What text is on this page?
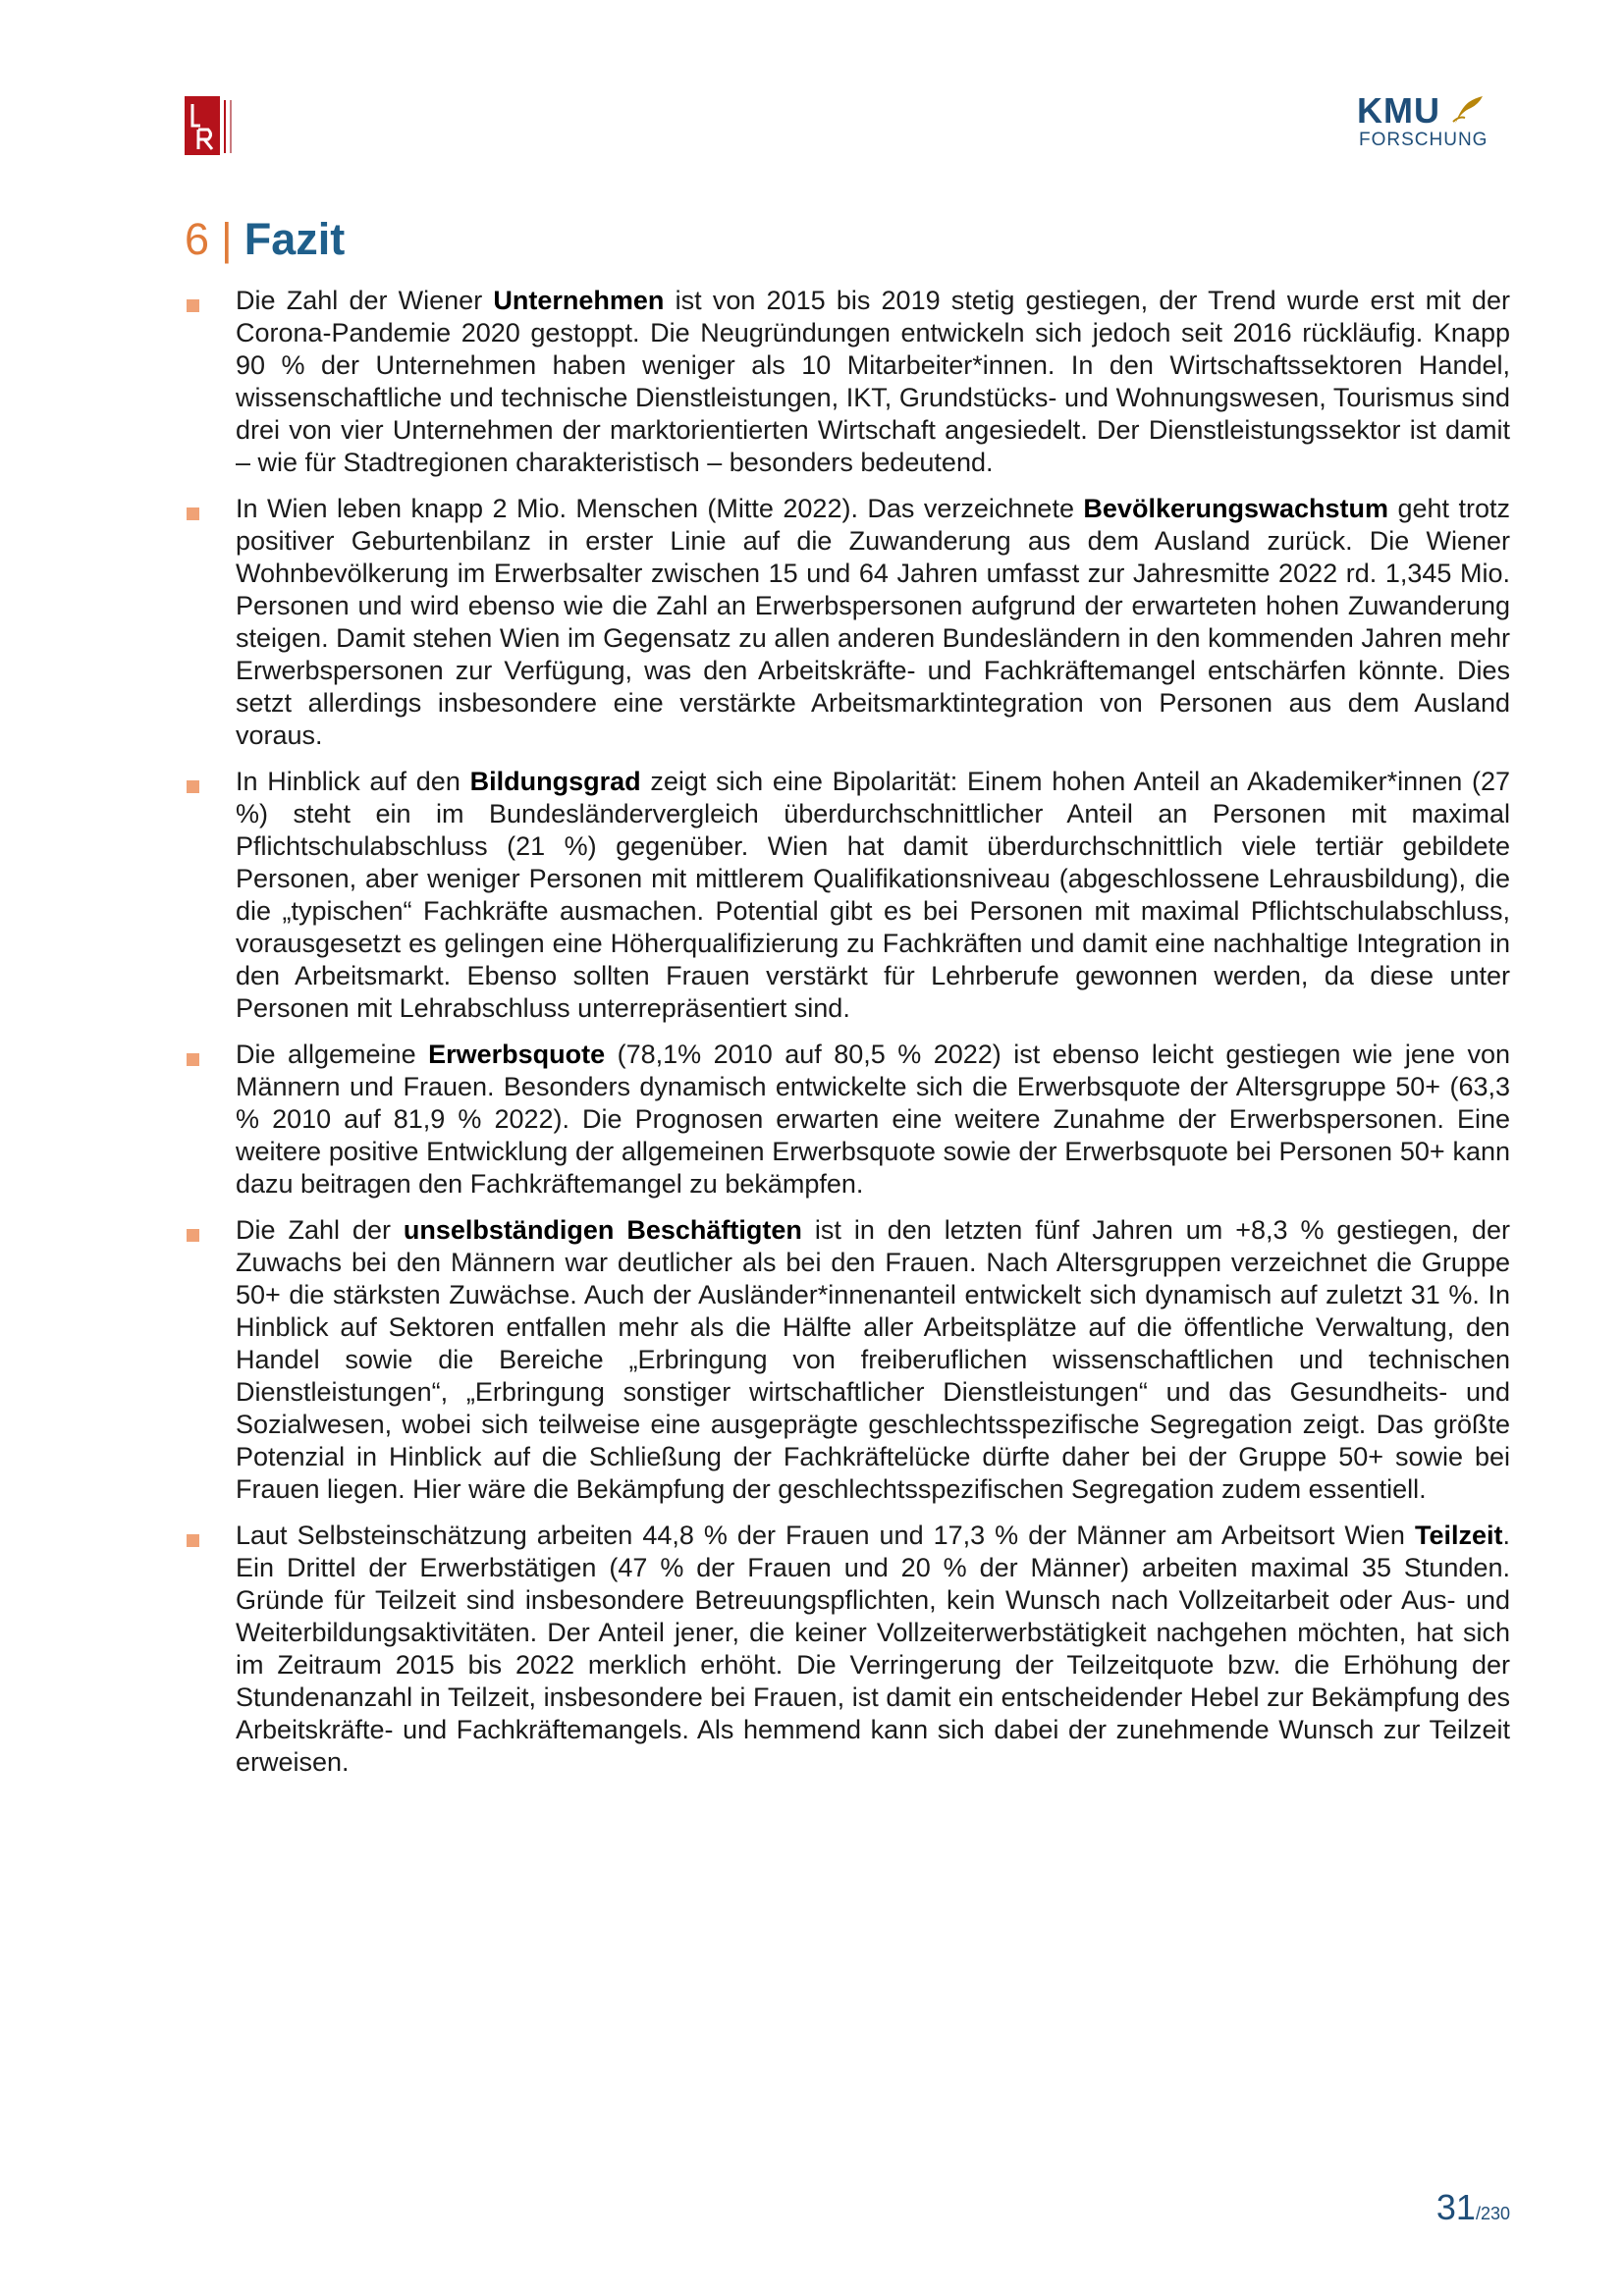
KMU
FORSCHUNG
6 | Fazit

Die Zahl der Wiener Unternehmen ist von 2015 bis 2019 stetig gestiegen, der Trend wurde erst mit der Corona-Pandemie 2020 gestoppt. Die Neugründungen entwickeln sich jedoch seit 2016 rückläufig. Knapp 90 % der Unternehmen haben weniger als 10 Mitarbeiter*innen. In den Wirtschaftssektoren Handel, wissenschaftliche und technische Dienstleistungen, IKT, Grundstücks- und Wohnungswesen, Tourismus sind drei von vier Unternehmen der marktorientierten Wirtschaft angesiedelt. Der Dienstleistungssektor ist damit – wie für Stadtregionen charakteristisch – besonders bedeutend.

In Wien leben knapp 2 Mio. Menschen (Mitte 2022). Das verzeichnete Bevölkerungswachstum geht trotz positiver Geburtenbilanz in erster Linie auf die Zuwanderung aus dem Ausland zurück. Die Wiener Wohnbevölkerung im Erwerbsalter zwischen 15 und 64 Jahren umfasst zur Jahresmitte 2022 rd. 1,345 Mio. Personen und wird ebenso wie die Zahl an Erwerbspersonen aufgrund der erwarteten hohen Zuwanderung steigen. Damit stehen Wien im Gegensatz zu allen anderen Bundesländern in den kommenden Jahren mehr Erwerbspersonen zur Verfügung, was den Arbeitskräfte- und Fachkräftemangel entschärfen könnte. Dies setzt allerdings insbesondere eine verstärkte Arbeitsmarktintegration von Personen aus dem Ausland voraus.

In Hinblick auf den Bildungsgrad zeigt sich eine Bipolarität: Einem hohen Anteil an Akademiker*innen (27 %) steht ein im Bundesländervergleich überdurchschnittlicher Anteil an Personen mit maximal Pflichtschulabschluss (21 %) gegenüber. Wien hat damit überdurchschnittlich viele tertiär gebildete Personen, aber weniger Personen mit mittlerem Qualifikationsniveau (abgeschlossene Lehrausbildung), die die „typischen“ Fachkräfte ausmachen. Potential gibt es bei Personen mit maximal Pflichtschulabschluss, vorausgesetzt es gelingen eine Höherqualifizierung zu Fachkräften und damit eine nachhaltige Integration in den Arbeitsmarkt. Ebenso sollten Frauen verstärkt für Lehrberufe gewonnen werden, da diese unter Personen mit Lehrabschluss unterrepräsentiert sind.

Die allgemeine Erwerbsquote (78,1% 2010 auf 80,5 % 2022) ist ebenso leicht gestiegen wie jene von Männern und Frauen. Besonders dynamisch entwickelte sich die Erwerbsquote der Altersgruppe 50+ (63,3 % 2010 auf 81,9 % 2022). Die Prognosen erwarten eine weitere Zunahme der Erwerbspersonen. Eine weitere positive Entwicklung der allgemeinen Erwerbsquote sowie der Erwerbsquote bei Personen 50+ kann dazu beitragen den Fachkräftemangel zu bekämpfen.

Die Zahl der unselbständigen Beschäftigten ist in den letzten fünf Jahren um +8,3 % gestiegen, der Zuwachs bei den Männern war deutlicher als bei den Frauen. Nach Altersgruppen verzeichnet die Gruppe 50+ die stärksten Zuwächse. Auch der Ausländer*innenanteil entwickelt sich dynamisch auf zuletzt 31 %. In Hinblick auf Sektoren entfallen mehr als die Hälfte aller Arbeitsplätze auf die öffentliche Verwaltung, den Handel sowie die Bereiche „Erbringung von freiberuflichen wissenschaftlichen und technischen Dienstleistungen“, „Erbringung sonstiger wirtschaftlicher Dienstleistungen“ und das Gesundheits- und Sozialwesen, wobei sich teilweise eine ausgeprägte geschlechtsspezifische Segregation zeigt. Das größte Potenzial in Hinblick auf die Schließung der Fachkräftelücke dürfte daher bei der Gruppe 50+ sowie bei Frauen liegen. Hier wäre die Bekämpfung der geschlechtsspezifischen Segregation zudem essentiell.

Laut Selbsteinschätzung arbeiten 44,8 % der Frauen und 17,3 % der Männer am Arbeitsort Wien Teilzeit. Ein Drittel der Erwerbstätigen (47 % der Frauen und 20 % der Männer) arbeiten maximal 35 Stunden. Gründe für Teilzeit sind insbesondere Betreuungspflichten, kein Wunsch nach Vollzeitarbeit oder Aus- und Weiterbildungsaktivitäten. Der Anteil jener, die keiner Vollzeiterwerbstätigkeit nachgehen möchten, hat sich im Zeitraum 2015 bis 2022 merklich erhöht. Die Verringerung der Teilzeitquote bzw. die Erhöhung der Stundenanzahl in Teilzeit, insbesondere bei Frauen, ist damit ein entscheidender Hebel zur Bekämpfung des Arbeitskräfte- und Fachkräftemangels. Als hemmend kann sich dabei der zunehmende Wunsch zur Teilzeit erweisen.

31/230
